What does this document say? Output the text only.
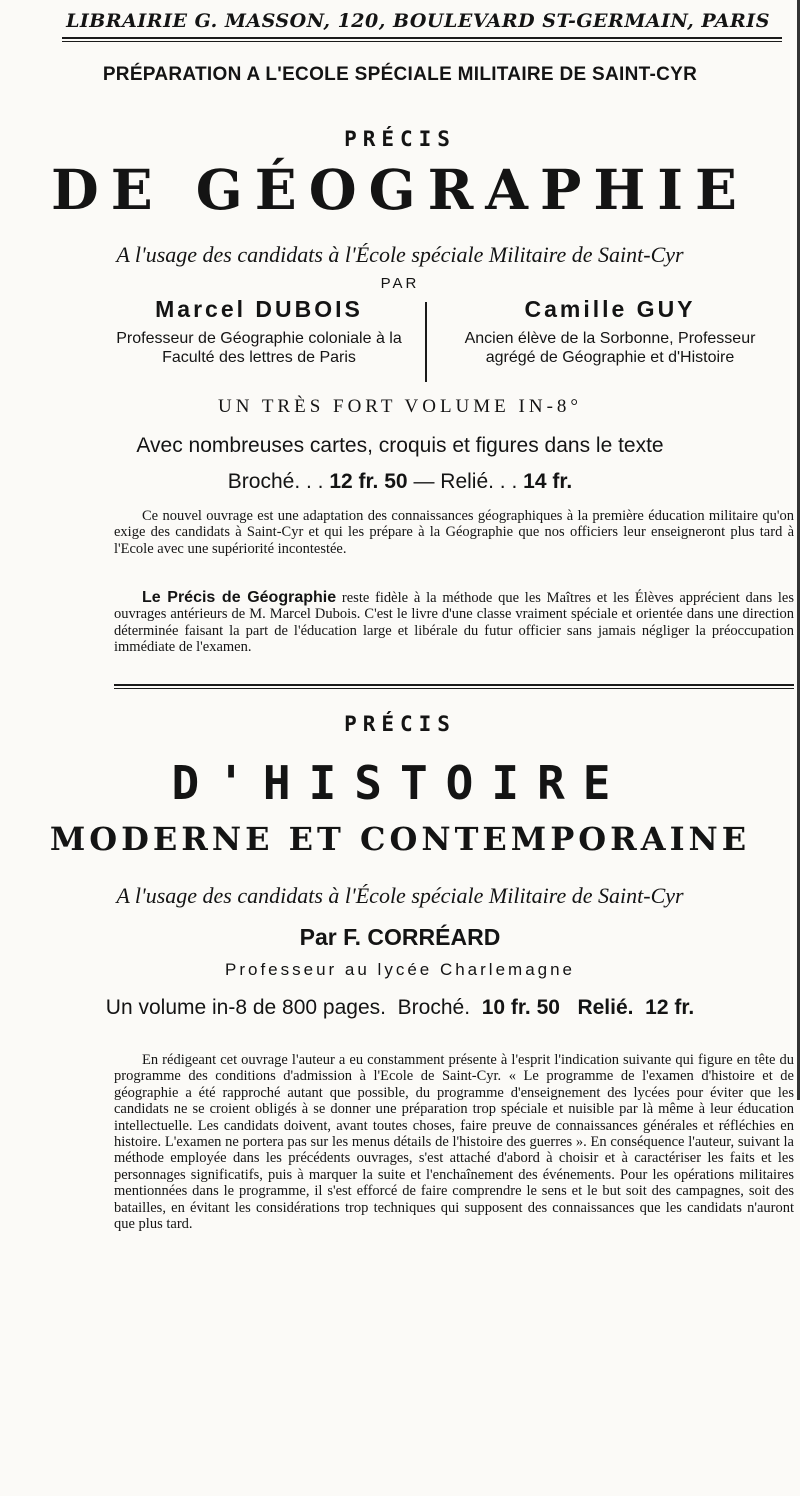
LIBRAIRIE G. MASSON, 120, BOULEVARD ST-GERMAIN, PARIS
PRÉPARATION A L'ECOLE SPÉCIALE MILITAIRE DE SAINT-CYR
PRÉCIS
DE GÉOGRAPHIE
A l'usage des candidats à l'École spéciale Militaire de Saint-Cyr
PAR
Marcel DUBOIS
Professeur de Géographie coloniale à la
Faculté des lettres de Paris
Camille GUY
Ancien élève de la Sorbonne, Professeur
agrégé de Géographie et d'Histoire
UN TRÈS FORT VOLUME IN-8°
Avec nombreuses cartes, croquis et figures dans le texte
Broché. . . 12 fr. 50 — Relié. . . 14 fr.
Ce nouvel ouvrage est une adaptation des connaissances géographiques à la première éducation militaire qu'on exige des candidats à Saint-Cyr et qui les prépare à la Géographie que nos officiers leur enseigneront plus tard à l'Ecole avec une supériorité incontestée.
Le Précis de Géographie reste fidèle à la méthode que les Maîtres et les Élèves apprécient dans les ouvrages antérieurs de M. Marcel Dubois. C'est le livre d'une classe vraiment spéciale et orientée dans une direction déterminée faisant la part de l'éducation large et libérale du futur officier sans jamais négliger la préoccupation immédiate de l'examen.
PRÉCIS
D'HISTOIRE
MODERNE ET CONTEMPORAINE
A l'usage des candidats à l'École spéciale Militaire de Saint-Cyr
Par F. CORRÉARD
Professeur au lycée Charlemagne
Un volume in-8 de 800 pages. Broché. 10 fr. 50 Relié. 12 fr.
En rédigeant cet ouvrage l'auteur a eu constamment présente à l'esprit l'indication suivante qui figure en tête du programme des conditions d'admission à l'Ecole de Saint-Cyr. « Le programme de l'examen d'histoire et de géographie a été rapproché autant que possible, du programme d'enseignement des lycées pour éviter que les candidats ne se croient obligés à se donner une préparation trop spéciale et nuisible par là même à leur éducation intellectuelle. Les candidats doivent, avant toutes choses, faire preuve de connaissances générales et réfléchies en histoire. L'examen ne portera pas sur les menus détails de l'histoire des guerres ». En conséquence l'auteur, suivant la méthode employée dans les précédents ouvrages, s'est attaché d'abord à choisir et à caractériser les faits et les personnages significatifs, puis à marquer la suite et l'enchaînement des événements. Pour les opérations militaires mentionnées dans le programme, il s'est efforcé de faire comprendre le sens et le but soit des campagnes, soit des batailles, en évitant les considérations trop techniques qui supposent des connaissances que les candidats n'auront que plus tard.
